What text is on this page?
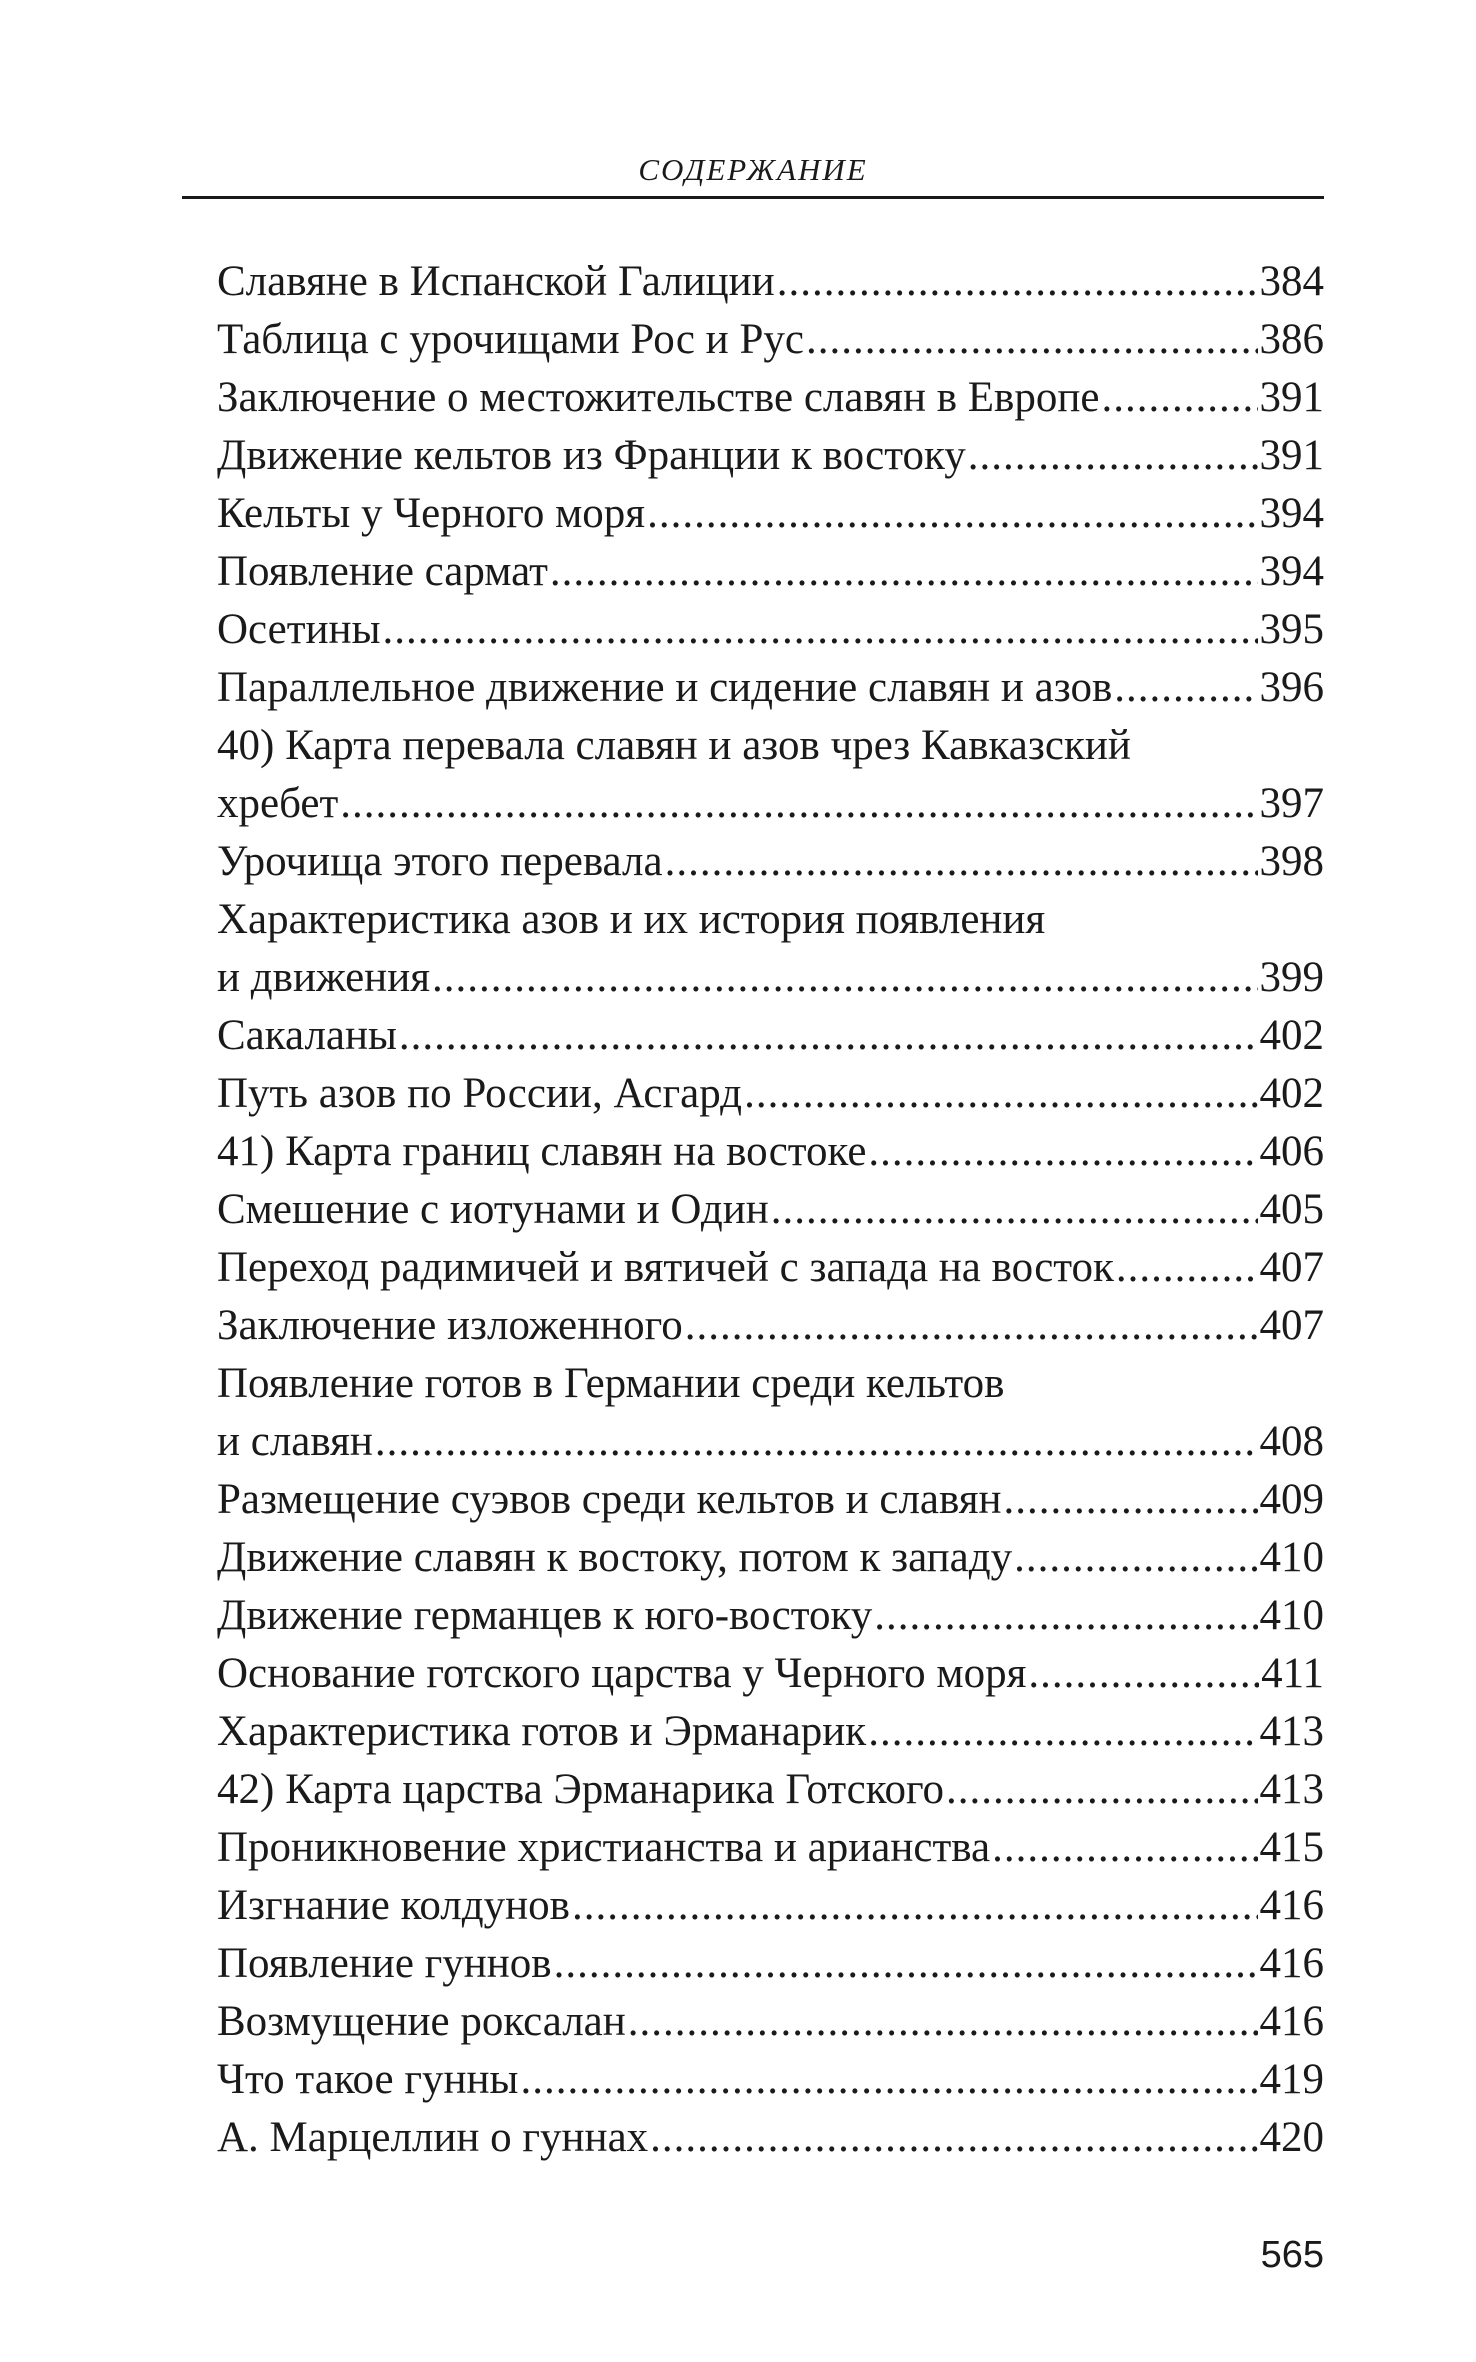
СОДЕРЖАНИЕ
Славяне в Испанской Галиции .....	384
Таблица с урочищами Рос и Рус .....	386
Заключение о местожительстве славян в Европе .....	391
Движение кельтов из Франции к востоку .....	391
Кельты у Черного моря .....	394
Появление сармат .....	394
Осетины .....	395
Параллельное движение и сидение славян и азов .....	396
40) Карта перевала славян и азов чрез Кавказский
хребет .....	397
Урочища этого перевала .....	398
Характеристика азов и их история появления
и движения .....	399
Сакаланы .....	402
Путь азов по России, Асгард .....	402
41) Карта границ славян на востоке .....	406
Смешение с иотунами и Один .....	405
Переход радимичей и вятичей с запада на восток .....	407
Заключение изложенного .....	407
Появление готов в Германии среди кельтов
и славян .....	408
Размещение суэвов среди кельтов и славян .....	409
Движение славян к востоку, потом к западу .....	410
Движение германцев к юго-востоку .....	410
Основание готского царства у Черного моря .....	411
Характеристика готов и Эрманарик .....	413
42) Карта царства Эрманарика Готского .....	413
Проникновение христианства и арианства .....	415
Изгнание колдунов .....	416
Появление гуннов .....	416
Возмущение роксалан .....	416
Что такое гунны .....	419
А. Марцеллин о гуннах .....	420
565
